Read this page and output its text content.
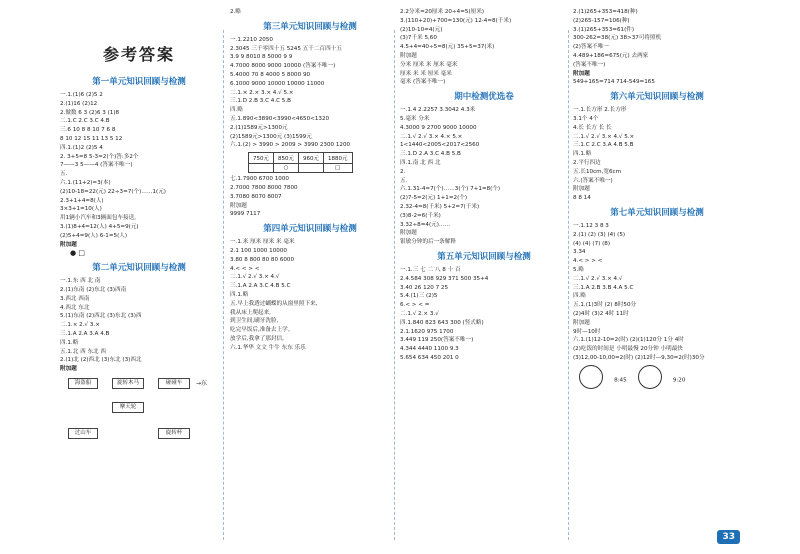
参考答案
第一单元知识回顾与检测
一.1.(1)6 (2)5 2
2.(1)16 (2)12
2.做数 6 3 (2)6 3 (1)8
二.1.C 2.C 3.C 4.B
三.6 10 8 8 10 7 6 8
8 10 12 15 11 13 5 12
四.1.(1)2 (2)5 4
2. 3+5=8 5-3=2(个)答:多2个
7——3 5——4 (答案不唯一)
五.
六.1.(11+2)=3(本)
(2)10-18=22(元) 22÷3=7(个)……1(元)
2.3+1+4=8(人)
3×3+1=10(人)
用1辆小汽车和3辆面包车接送。
3.(1)8+4=12(人) 4+5=9(元)
(2)5+4=9(人) 6-1=5(人)
附加题
● □
第二单元知识回顾与检测
一.1.东 西 北 南
2.(1)东南 (2)东北 (3)西南
3.西北 西南
4.西北 东北
5.(1)东南 (2)西北 (3)东北 (3)西
二.1.× 2.√ 3.×
三.1.A 2.A 3.A 4.B
四.1.略
五.1.北 西 东北 西
2.(1)北 (2)西北 (3)东北 (3)西北
附加题
海盗船	旋转木马	碰碰车
摩天轮
过山车	旋转杯
→东
2.略
第三单元知识回顾与检测
一.1.2210 2050
2.3045 三千零四十五 5245 五千二百四十五
3.9 9 8010 8 5000 9 9
4.7000 8000 9000 10000 (答案不唯一)
5.4000 70 8 4000 5 8000 90
6.1000 9000 10000 10000 11000
二.1.× 2.× 3.× 4.√ 5.×
三.1.D 2.B 3.C 4.C 5.B
四.略
五.1.890<3890<3990<4650<1320
2.(1)1589元>1300元
(2)1589元>1300元 (3)1599元
六.1.(2) > 3990 > 2009 > 3990 2300 1200
750元	850元	960元	1880元
	○		□
七.1.7900 6700 1000
2.7000 7800 8000 7800
3.7080 8070 8007
附加题
9999 7117
第四单元知识回顾与检测
一.1.米 厘米 厘米 米 毫米
2.1 100 1000 10000
3.80 8 800 80 80 6000
4.< < > <
二.1.√ 2.√ 3.× 4.√
三.1.A 2.A 3.C 4.B 5.C
四.1.略
五.早上我透过蝴蝶的从窗里照下来,
我从床上爬起来,
到卫生间,刷牙洗脸,
吃完早饭后,准备去上学。
放学后,我拿了那封信,
六.1.华华 文文 牛牛 东东 乐乐
2.2分米=20厘米 20÷4=5(厘米)
3.(110+20)+700=130(元) 12-4=8(千米)
(2)10-10=4(元)
(3)7千米 5,60
4.5+4=40÷5=8(元) 35+5=37(米)
附加题
分米 厘米 米 厘米 毫米
厘米 米 米 厘米 毫米
毫米 (答案不唯一)
期中检测优选卷
一.1.4 2.2257 3.3042 4.3米
5.毫米 分米
4.3000 9 2700 9000 10000
二.1.√ 2.√ 3.× 4.× 5.×
1<1440<2005<2017<2560
三.1.D 2.A 3.C 4.B 5.B
四.1.南 北 西 北
2.
五.
六.1.31-4=7(个)……3(个) 7+1=8(个)
(2)7-5=2(元) 1+1=2(个)
2.32-4=8(千米) 5+2=7(千米)
(3)8-2=6(千米)
3.32÷8=4(元)……
附加题
银敏分钟的后一条解释
第五单元知识回顾与检测
一.1.三 七 二 八 8 十 百
2.4.584 308 929 371 500 35+4
3.40 26 120 7 25
5.4.(1)三 (2)5
6.< > < =
二.1.√ 2.× 3.√
四.1.840 823 643 300 (竖式略)
2.1.1620 975 1700
3.449 119 250(答案不唯一)
4.344 4440 1100 9.3
5.654 634 450 201 0
2.(1)265+353=418(种)
(2)265-157=106(种)
3.(1)265+353=61(件)
300-262=38(元) 38>37可将照机
(2)答案不唯一
4.489+186=675(元) 去两家
(答案不唯一)
附加题
549+165=714 714-549=165
第六单元知识回顾与检测
一.1.长方形 2.长方形
3.1个 4个
4.长 长方 长 长
二.1.√ 2.√ 3.× 4.√ 5.×
三.1.C 2.C 3.A 4.B 5.B
四.1.略
2.平行四边
五.长10cm,宽6cm
六.(答案不唯一)
附加题
8 8 14
第七单元知识回顾与检测
一.1.12 3 8 3
2.(1) (2) (3) (4) (5)
(4) (4) (7) (8)
3.34
4.< > > <
5.略
二.1.√ 2.√ 3.× 4.√
三.1.A 2.B 3.B 4.A 5.C
四.略
五.1.(1)3时 (2) 8时50分
(2)4时 (3)2 4时 11时
附加题
9时—10时
六.1.(1)12-10=2(时) (2)(1)120分 1分 4时
(2)吃饭的时间是 小明最慢 20分钟 小明最快
(3)12,00-10,00=2(时) (2)12时—9,30=2(时)30分
8:45	9:20
33
